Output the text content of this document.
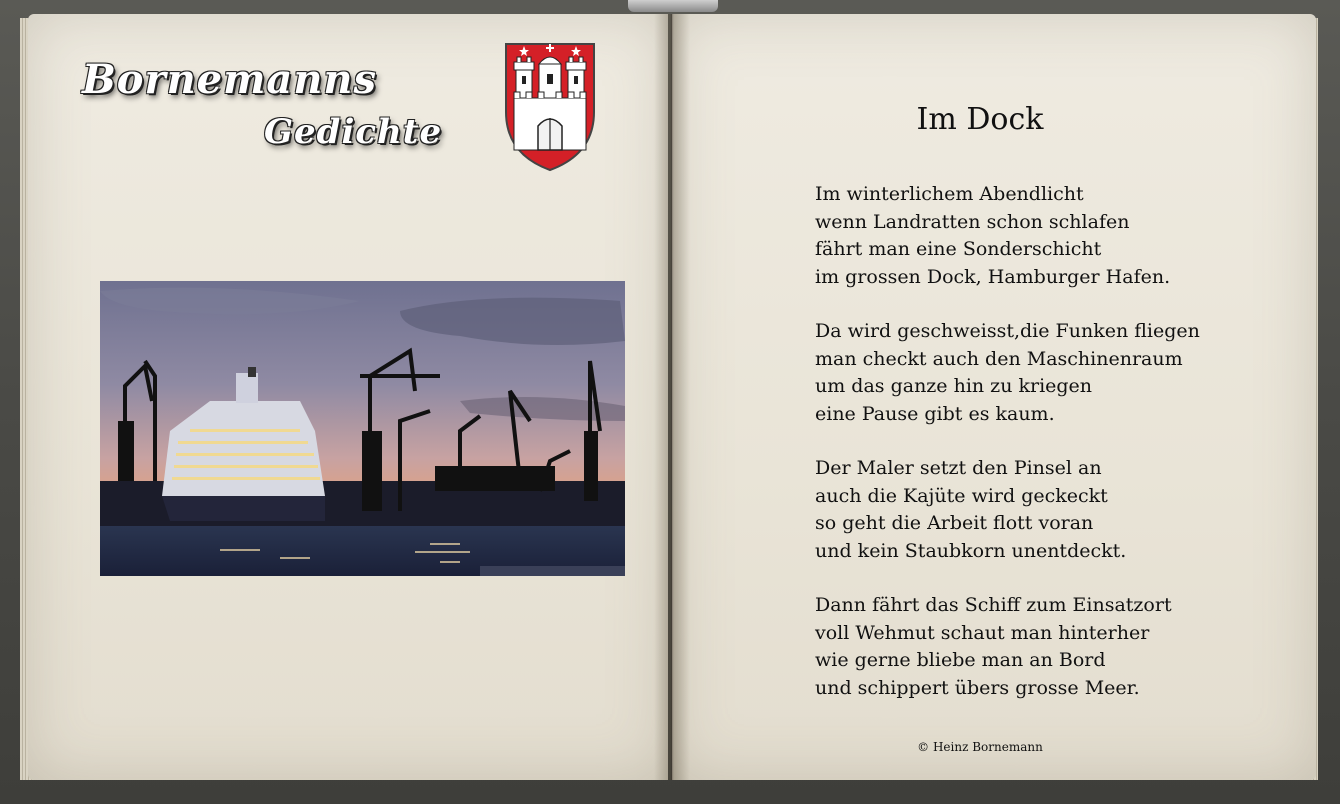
Bornemanns
Gedichte	Im Dock
Im winterlichem Abendlicht
wenn Landratten schon schlafen
fährt man eine Sonderschicht
im grossen Dock, Hamburger Hafen.
Da wird geschweisst,die Funken fliegen
man checkt auch den Maschinenraum
um das ganze hin zu kriegen
eine Pause gibt es kaum.
Der Maler setzt den Pinsel an
auch die Kajüte wird geckeckt
so geht die Arbeit flott voran
und kein Staubkorn unentdeckt.
Dann fährt das Schiff zum Einsatzort
voll Wehmut schaut man hinterher
wie gerne bliebe man an Bord
und schippert übers grosse Meer.
© Heinz Bornemann
